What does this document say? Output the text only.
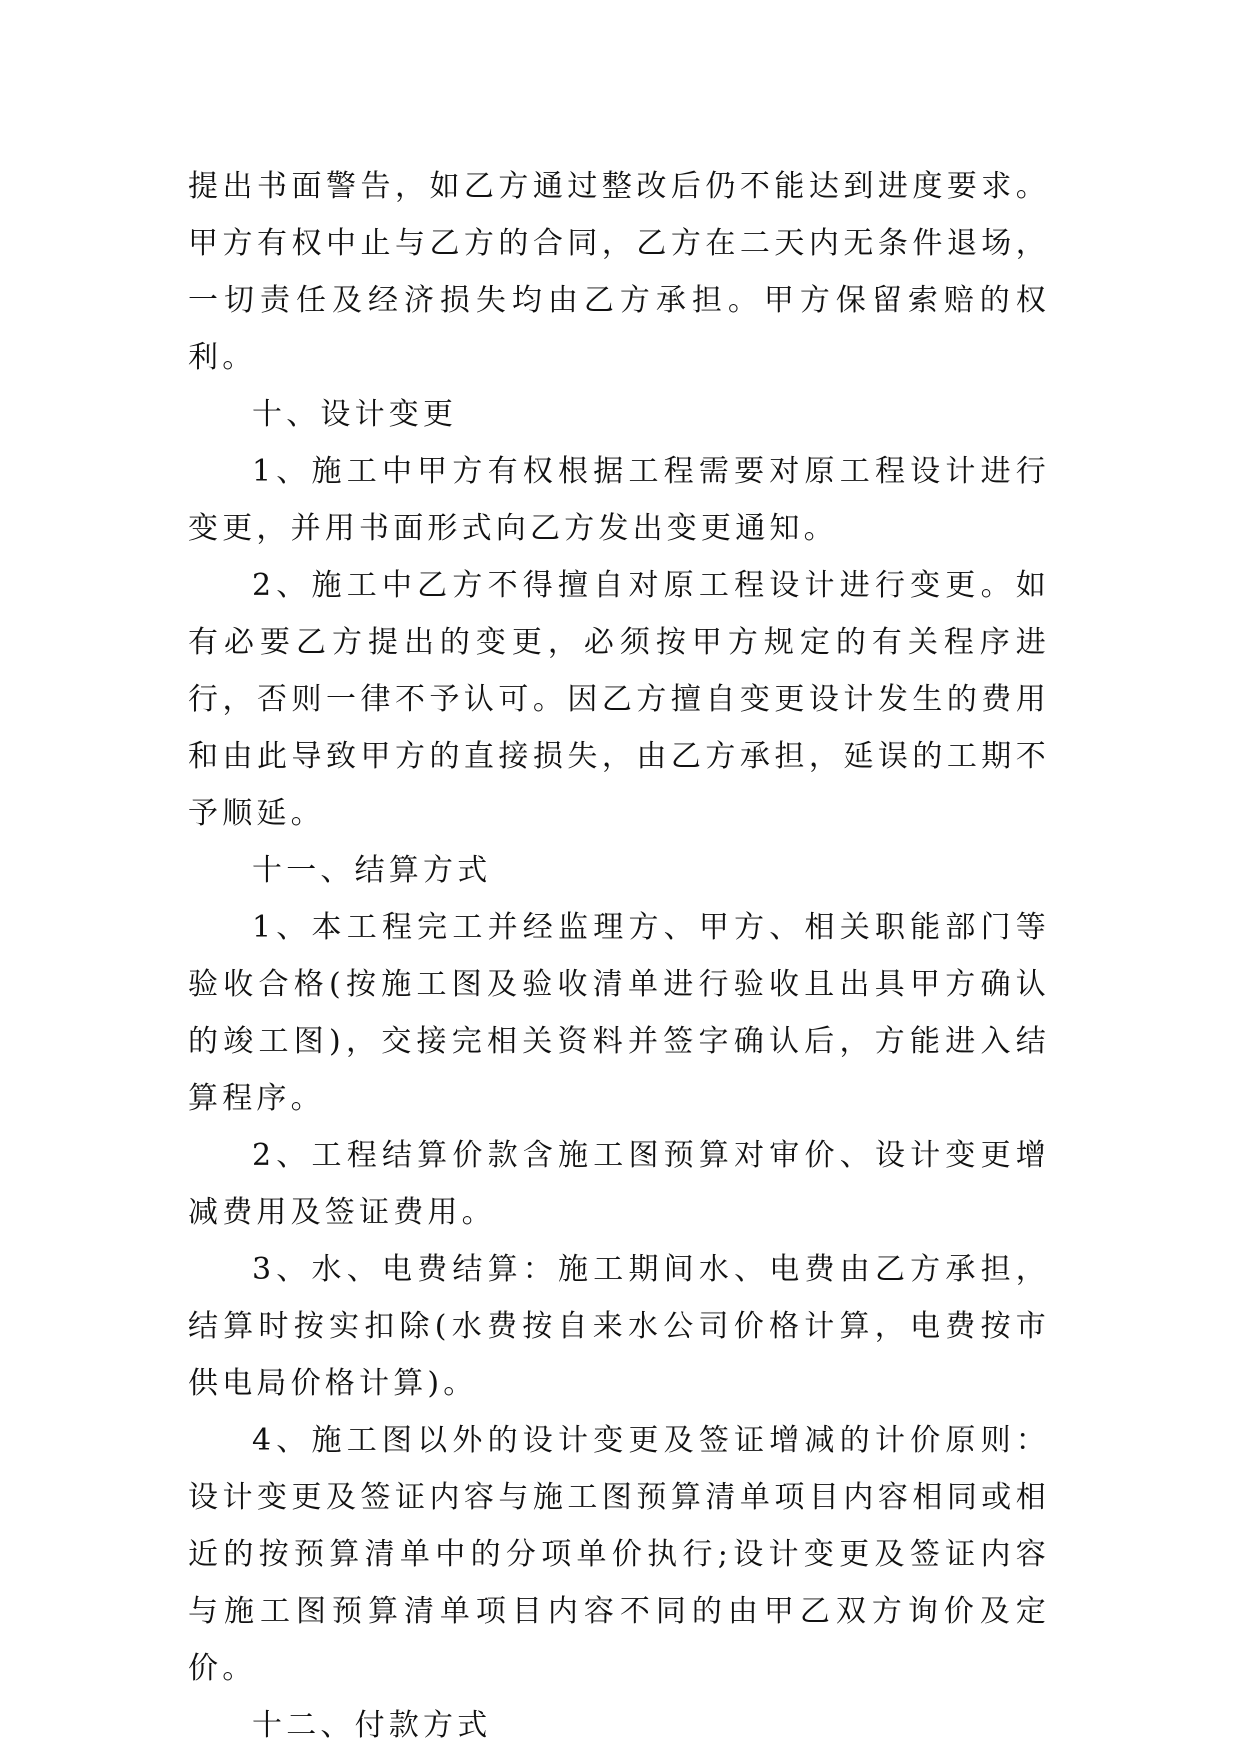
提出书面警告，如乙方通过整改后仍不能达到进度要求。甲方有权中止与乙方的合同，乙方在二天内无条件退场，一切责任及经济损失均由乙方承担。甲方保留索赔的权利。

十、设计变更

1、施工中甲方有权根据工程需要对原工程设计进行变更，并用书面形式向乙方发出变更通知。

2、施工中乙方不得擅自对原工程设计进行变更。如有必要乙方提出的变更，必须按甲方规定的有关程序进行，否则一律不予认可。因乙方擅自变更设计发生的费用和由此导致甲方的直接损失，由乙方承担，延误的工期不予顺延。

十一、结算方式

1、本工程完工并经监理方、甲方、相关职能部门等验收合格(按施工图及验收清单进行验收且出具甲方确认的竣工图)，交接完相关资料并签字确认后，方能进入结算程序。

2、工程结算价款含施工图预算对审价、设计变更增减费用及签证费用。

3、水、电费结算：施工期间水、电费由乙方承担，结算时按实扣除(水费按自来水公司价格计算，电费按市供电局价格计算)。

4、施工图以外的设计变更及签证增减的计价原则：设计变更及签证内容与施工图预算清单项目内容相同或相近的按预算清单中的分项单价执行;设计变更及签证内容与施工图预算清单项目内容不同的由甲乙双方询价及定价。

十二、付款方式
